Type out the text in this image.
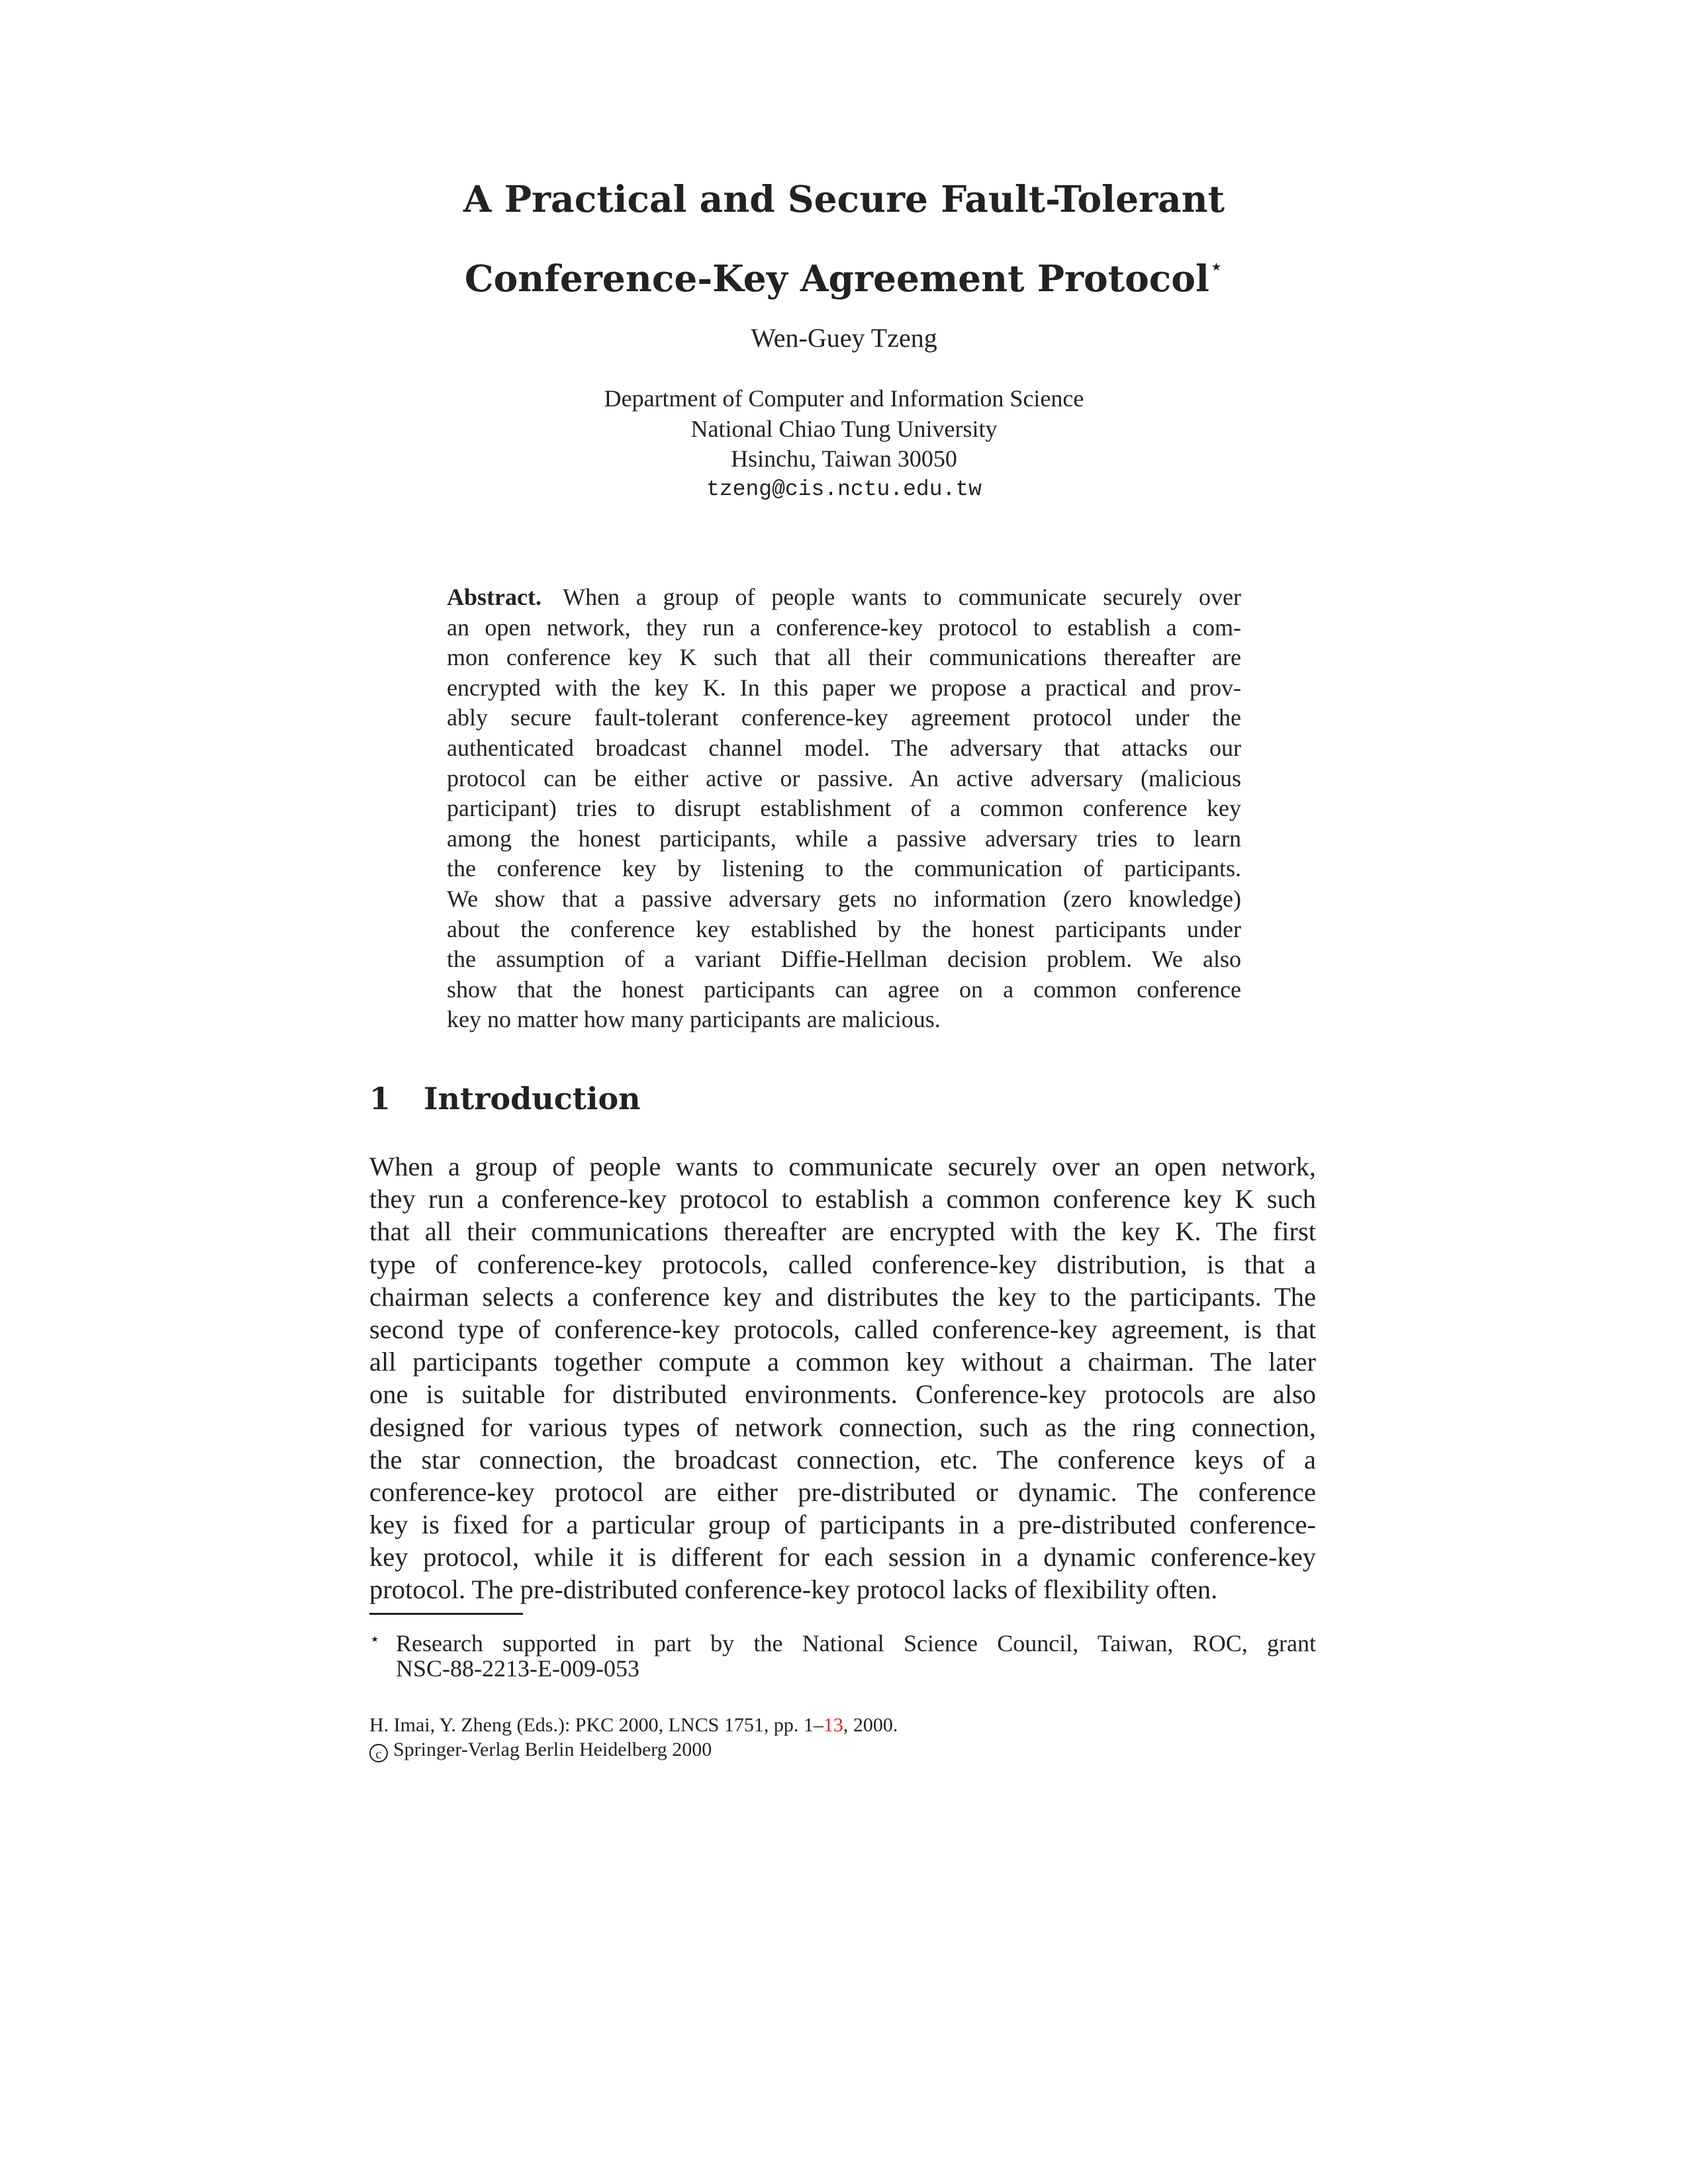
A Practical and Secure Fault-Tolerant
Conference-Key Agreement Protocol⋆
Wen-Guey Tzeng
Department of Computer and Information Science
National Chiao Tung University
Hsinchu, Taiwan 30050
tzeng@cis.nctu.edu.tw
Abstract. When a group of people wants to communicate securely over
an open network, they run a conference-key protocol to establish a com-
mon conference key K such that all their communications thereafter are
encrypted with the key K. In this paper we propose a practical and prov-
ably secure fault-tolerant conference-key agreement protocol under the
authenticated broadcast channel model. The adversary that attacks our
protocol can be either active or passive. An active adversary (malicious
participant) tries to disrupt establishment of a common conference key
among the honest participants, while a passive adversary tries to learn
the conference key by listening to the communication of participants.
We show that a passive adversary gets no information (zero knowledge)
about the conference key established by the honest participants under
the assumption of a variant Diffie-Hellman decision problem. We also
show that the honest participants can agree on a common conference
key no matter how many participants are malicious.
1 Introduction
When a group of people wants to communicate securely over an open network,
they run a conference-key protocol to establish a common conference key K such
that all their communications thereafter are encrypted with the key K. The first
type of conference-key protocols, called conference-key distribution, is that a
chairman selects a conference key and distributes the key to the participants. The
second type of conference-key protocols, called conference-key agreement, is that
all participants together compute a common key without a chairman. The later
one is suitable for distributed environments. Conference-key protocols are also
designed for various types of network connection, such as the ring connection,
the star connection, the broadcast connection, etc. The conference keys of a
conference-key protocol are either pre-distributed or dynamic. The conference
key is fixed for a particular group of participants in a pre-distributed conference-
key protocol, while it is different for each session in a dynamic conference-key
protocol. The pre-distributed conference-key protocol lacks of flexibility often.
⋆ Research supported in part by the National Science Council, Taiwan, ROC, grant
NSC-88-2213-E-009-053
H. Imai, Y. Zheng (Eds.): PKC 2000, LNCS 1751, pp. 1–13, 2000.
c Springer-Verlag Berlin Heidelberg 2000
